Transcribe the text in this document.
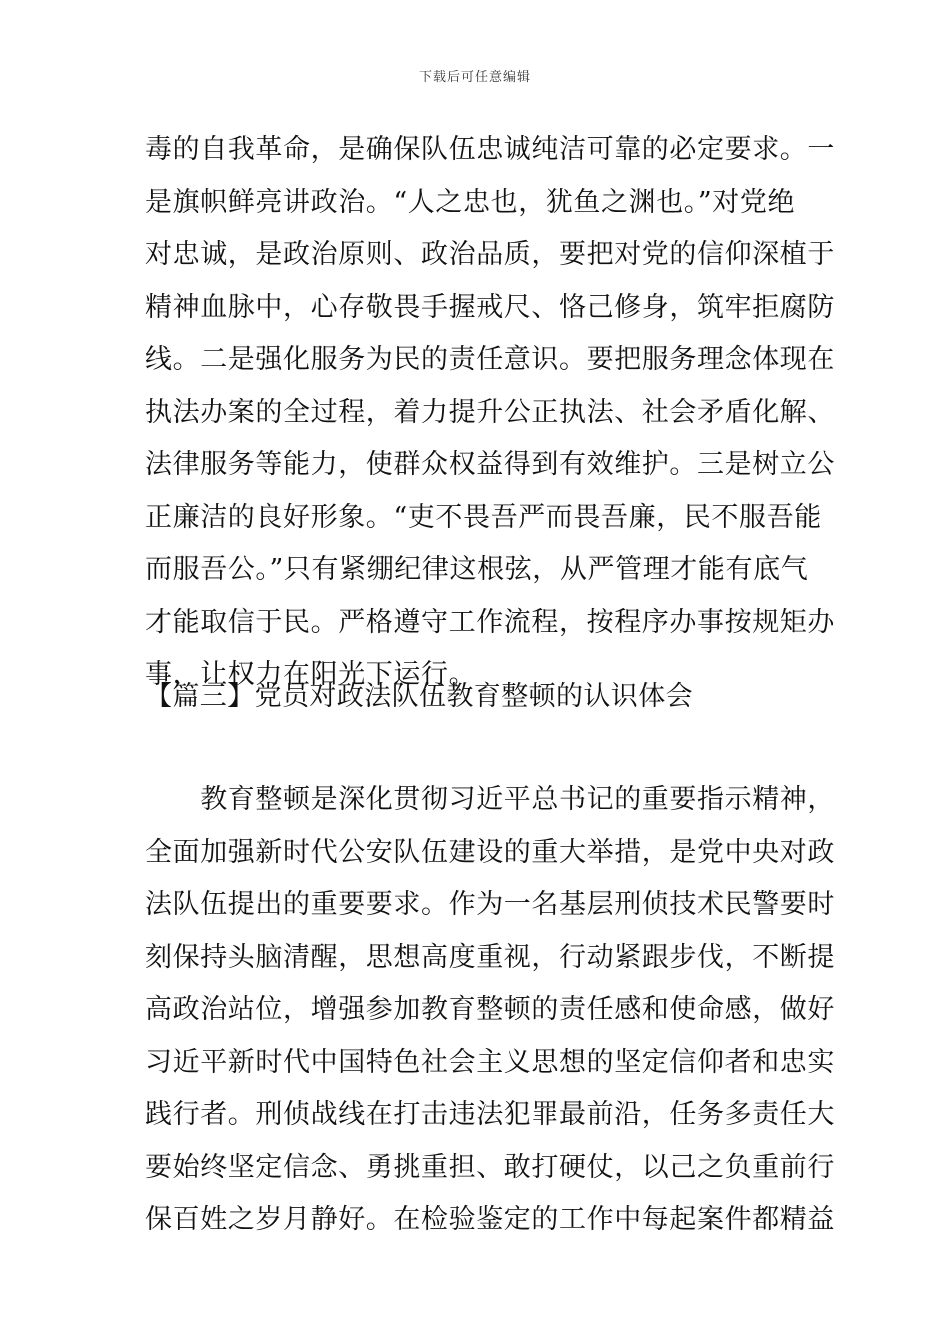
下载后可任意编辑
毒的自我革命，是确保队伍忠诚纯洁可靠的必定要求。一
是旗帜鲜亮讲政治。“人之忠也，犹鱼之渊也。”对党绝
对忠诚，是政治原则、政治品质，要把对党的信仰深植于
精神血脉中，心存敬畏手握戒尺、恪己修身，筑牢拒腐防
线。二是强化服务为民的责任意识。要把服务理念体现在
执法办案的全过程，着力提升公正执法、社会矛盾化解、
法律服务等能力，使群众权益得到有效维护。三是树立公
正廉洁的良好形象。“吏不畏吾严而畏吾廉，民不服吾能
而服吾公。”只有紧绷纪律这根弦，从严管理才能有底气
才能取信于民。严格遵守工作流程，按程序办事按规矩办
事，让权力在阳光下运行。
【篇三】党员对政法队伍教育整顿的认识体会
　　教育整顿是深化贯彻习近平总书记的重要指示精神，
全面加强新时代公安队伍建设的重大举措，是党中央对政
法队伍提出的重要要求。作为一名基层刑侦技术民警要时
刻保持头脑清醒，思想高度重视，行动紧跟步伐，不断提
高政治站位，增强参加教育整顿的责任感和使命感，做好
习近平新时代中国特色社会主义思想的坚定信仰者和忠实
践行者。刑侦战线在打击违法犯罪最前沿，任务多责任大
要始终坚定信念、勇挑重担、敢打硬仗，以己之负重前行
保百姓之岁月静好。在检验鉴定的工作中每起案件都精益
